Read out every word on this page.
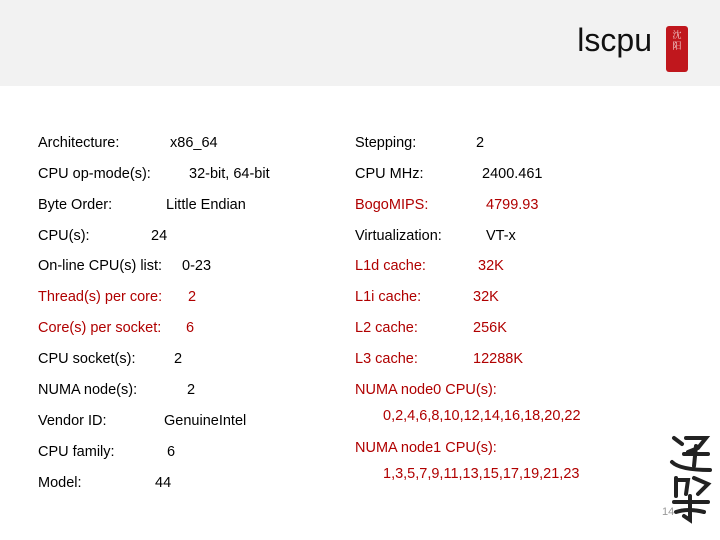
lscpu	沈
阳
Architecture:	x86_64
CPU op-mode(s):	32-bit, 64-bit
Byte Order:	Little Endian
CPU(s):	24
On-line CPU(s) list: 0-23
Thread(s) per core: 2
Core(s) per socket: 6
CPU socket(s):	2
NUMA node(s):	2
Vendor ID:	GenuineIntel
CPU family:	6
Model:	44
Stepping:	2
CPU MHz:	2400.461
BogoMIPS:	4799.93
Virtualization:	VT-x
L1d cache:	32K
L1i cache:	32K
L2 cache:	256K
L3 cache:	12288K
NUMA node0 CPU(s):
0,2,4,6,8,10,12,14,16,18,20,22
NUMA node1 CPU(s):
1,3,5,7,9,11,13,15,17,19,21,23
14
